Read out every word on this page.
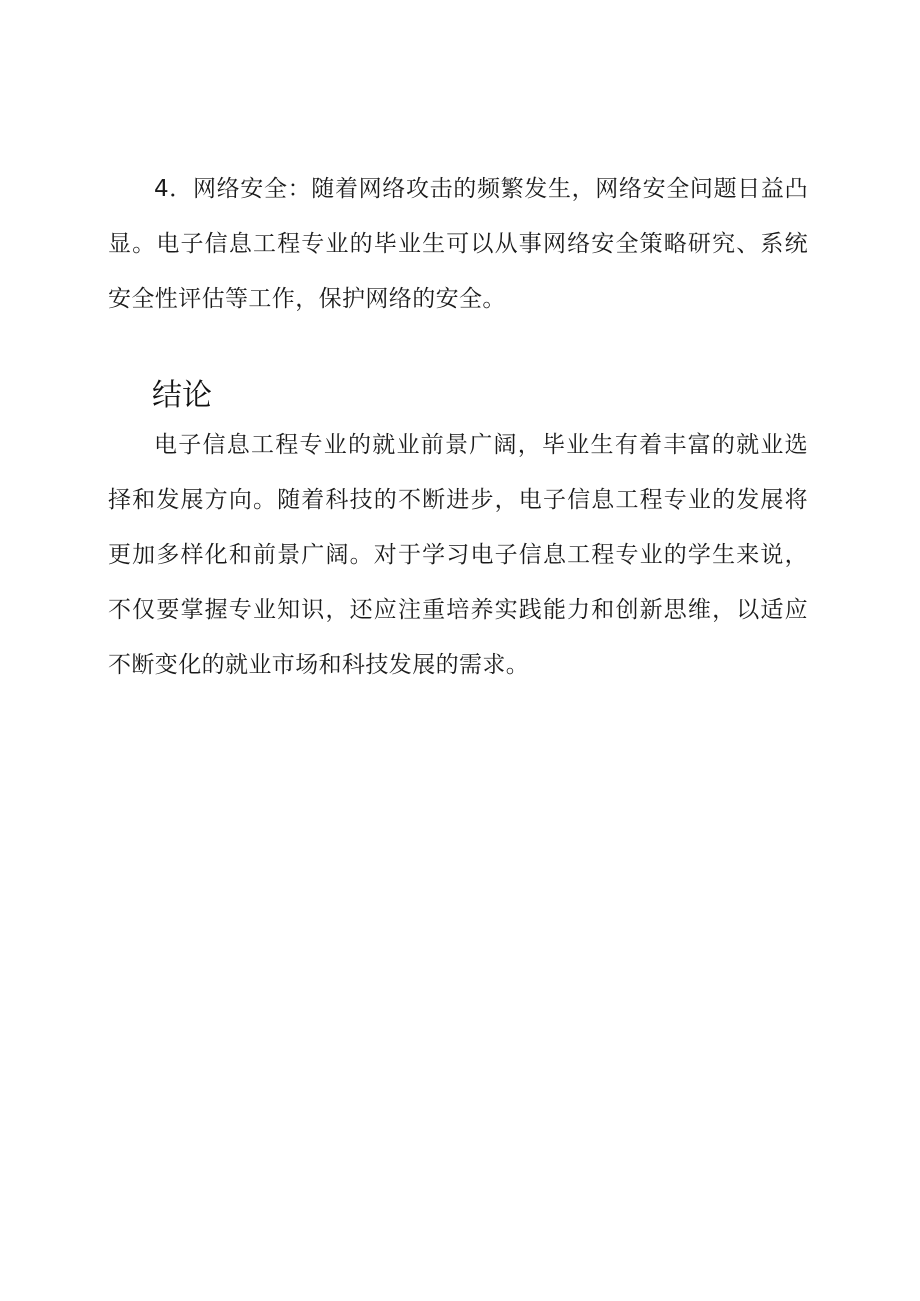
4．网络安全：随着网络攻击的频繁发生，网络安全问题日益凸显。电子信息工程专业的毕业生可以从事网络安全策略研究、系统安全性评估等工作，保护网络的安全。

结论

电子信息工程专业的就业前景广阔，毕业生有着丰富的就业选择和发展方向。随着科技的不断进步，电子信息工程专业的发展将更加多样化和前景广阔。对于学习电子信息工程专业的学生来说，不仅要掌握专业知识，还应注重培养实践能力和创新思维，以适应不断变化的就业市场和科技发展的需求。
